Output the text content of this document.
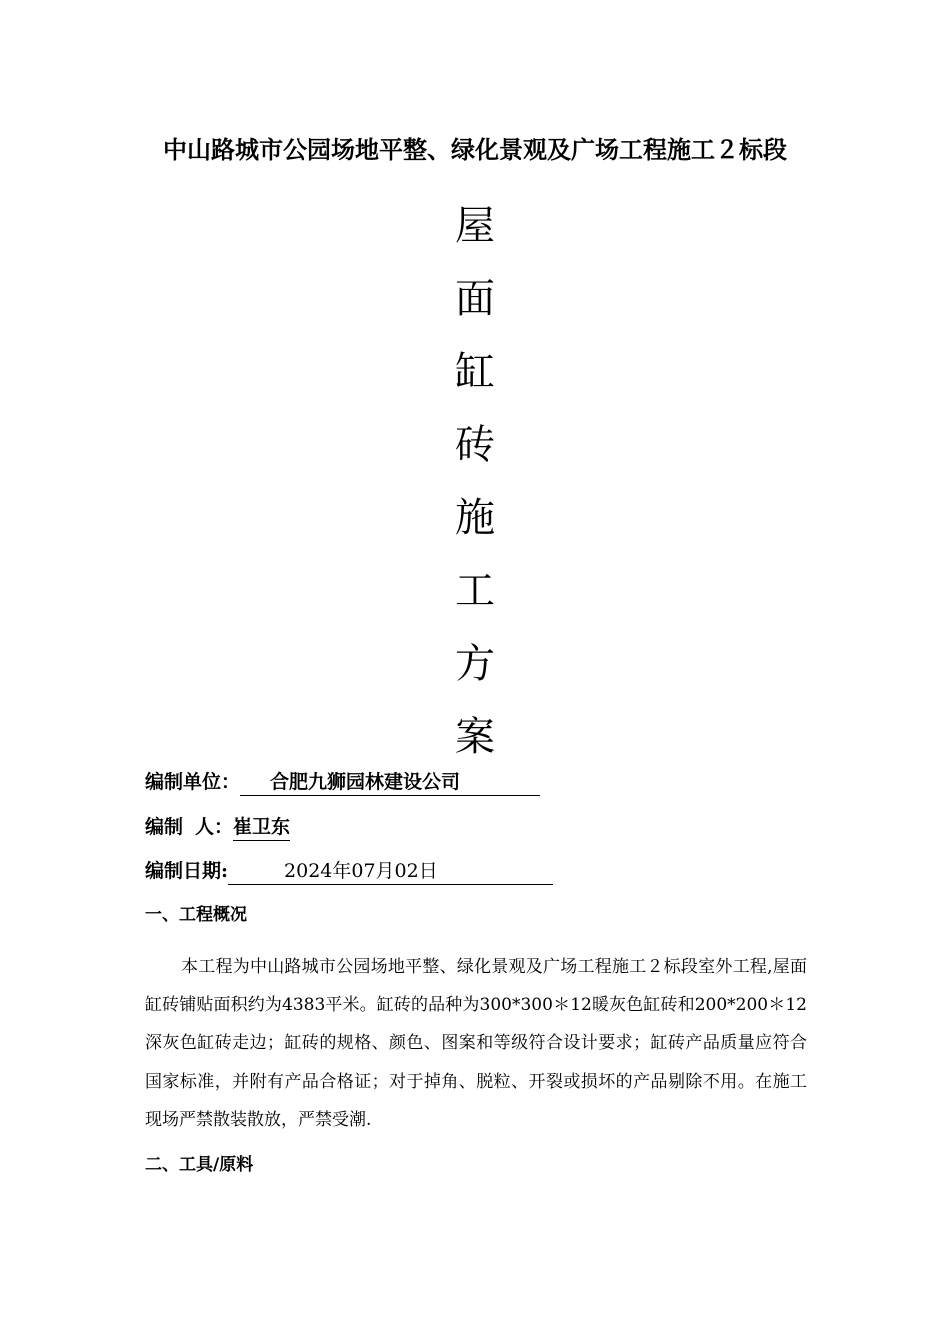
中山路城市公园场地平整、绿化景观及广场工程施工２标段
屋
面
缸
砖
施
工
方
案
编制单位： 合肥九狮园林建设公司
编制 人：崔卫东
编制日期:	2024年07月02日
一、工程概况

本工程为中山路城市公园场地平整、绿化景观及广场工程施工２标段室外工程,屋面缸砖铺贴面积约为4383平米。缸砖的品种为300*300＊12暖灰色缸砖和200*200＊12深灰色缸砖走边；缸砖的规格、颜色、图案和等级符合设计要求；缸砖产品质量应符合国家标准，并附有产品合格证；对于掉角、脱粒、开裂或损坏的产品剔除不用。在施工现场严禁散装散放，严禁受潮.

二、工具/原料
